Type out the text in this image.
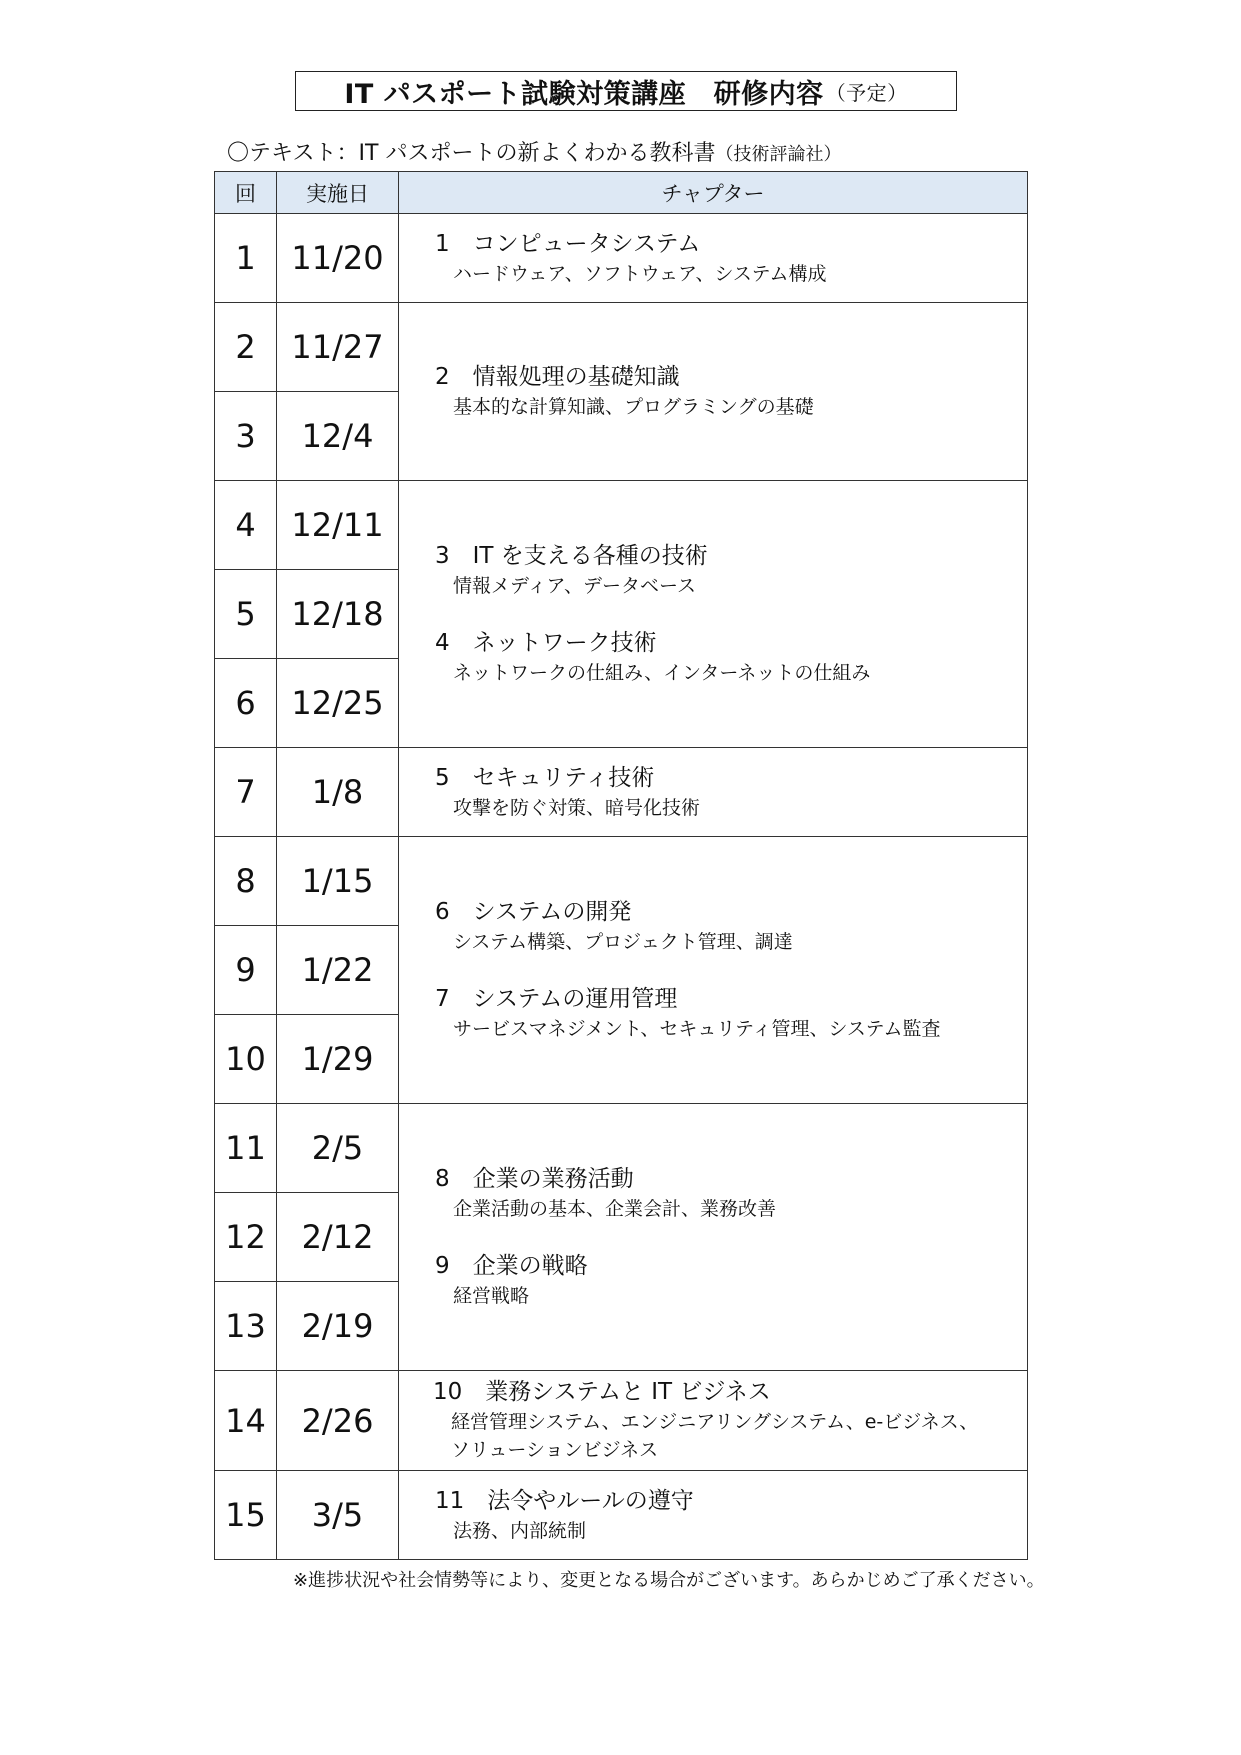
IT パスポート試験対策講座　研修内容 （予定）
〇テキスト：IT パスポートの新よくわかる教科書（技術評論社）
回	実施日	チャプター
1	11/20	1　コンピュータシステム
ハードウェア、ソフトウェア、システム構成

2	11/27	2　情報処理の基礎知識
基本的な計算知識、プログラミングの基礎

3	12/4	
4	12/11	3　IT を支える各種の技術
情報メディア、データベース
4　ネットワーク技術
ネットワークの仕組み、インターネットの仕組み

5	12/18	
6	12/25	
7	1/8	5　セキュリティ技術
攻撃を防ぐ対策、暗号化技術

8	1/15	6　システムの開発
システム構築、プロジェクト管理、調達
7　システムの運用管理
サービスマネジメント、セキュリティ管理、システム監査

9	1/22	
10	1/29	
11	2/5	8　企業の業務活動
企業活動の基本、企業会計、業務改善
9　企業の戦略
経営戦略

12	2/12	
13	2/19	
14	2/26	10　業務システムと IT ビジネス
経営管理システム、エンジニアリングシステム、e-ビジネス、
ソリューションビジネス

15	3/5	11　法令やルールの遵守
法務、内部統制
※進捗状況や社会情勢等により、変更となる場合がございます。あらかじめご了承ください。
